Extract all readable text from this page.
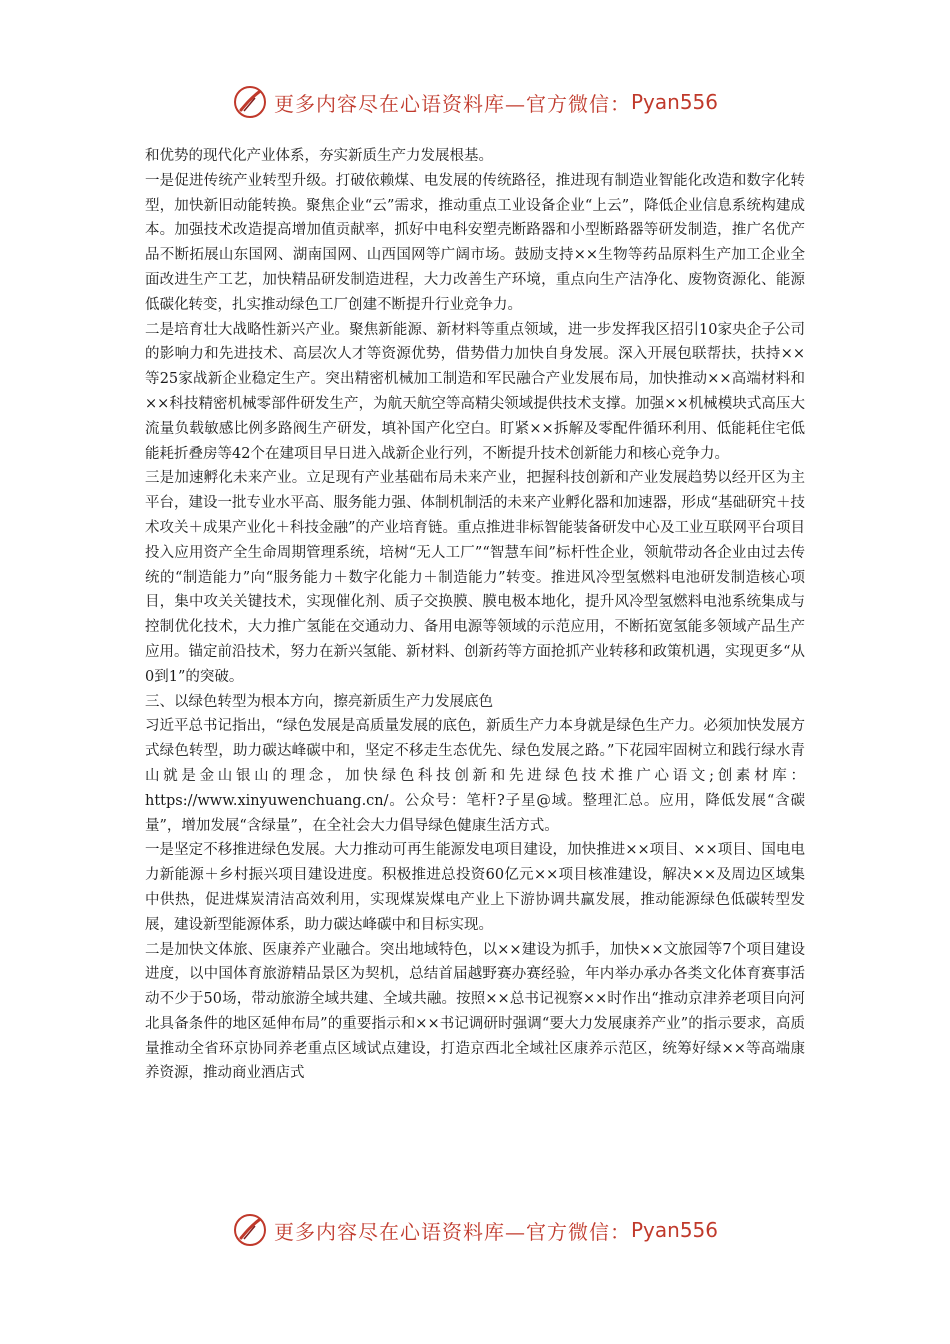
更多内容尽在心语资料库—官方微信： Pyan556

和优势的现代化产业体系，夯实新质生产力发展根基。

一是促进传统产业转型升级。打破依赖煤、电发展的传统路径，推进现有制造业智能化改造和数字化转型，加快新旧动能转换。聚焦企业“云”需求，推动重点工业设备企业“上云”，降低企业信息系统构建成本。加强技术改造提高增加值贡献率，抓好中电科安塑壳断路器和小型断路器等研发制造，推广名优产品不断拓展山东国网、湖南国网、山西国网等广阔市场。鼓励支持××生物等药品原料生产加工企业全面改进生产工艺，加快精品研发制造进程，大力改善生产环境，重点向生产洁净化、废物资源化、能源低碳化转变，扎实推动绿色工厂创建不断提升行业竞争力。

二是培育壮大战略性新兴产业。聚焦新能源、新材料等重点领域，进一步发挥我区招引10家央企子公司的影响力和先进技术、高层次人才等资源优势，借势借力加快自身发展。深入开展包联帮扶，扶持××等25家战新企业稳定生产。突出精密机械加工制造和军民融合产业发展布局，加快推动××高端材料和××科技精密机械零部件研发生产，为航天航空等高精尖领域提供技术支撑。加强××机械模块式高压大流量负载敏感比例多路阀生产研发，填补国产化空白。盯紧××拆解及零配件循环利用、低能耗住宅低能耗折叠房等42个在建项目早日进入战新企业行列，不断提升技术创新能力和核心竞争力。

三是加速孵化未来产业。立足现有产业基础布局未来产业，把握科技创新和产业发展趋势以经开区为主平台，建设一批专业水平高、服务能力强、体制机制活的未来产业孵化器和加速器，形成“基础研究＋技术攻关＋成果产业化＋科技金融”的产业培育链。重点推进非标智能装备研发中心及工业互联网平台项目投入应用资产全生命周期管理系统，培树“无人工厂”“智慧车间”标杆性企业，领航带动各企业由过去传统的“制造能力”向“服务能力＋数字化能力＋制造能力”转变。推进风冷型氢燃料电池研发制造核心项目，集中攻关关键技术，实现催化剂、质子交换膜、膜电极本地化，提升风冷型氢燃料电池系统集成与控制优化技术，大力推广氢能在交通动力、备用电源等领域的示范应用，不断拓宽氢能多领域产品生产应用。锚定前沿技术，努力在新兴氢能、新材料、创新药等方面抢抓产业转移和政策机遇，实现更多“从0到1”的突破。

三、以绿色转型为根本方向，擦亮新质生产力发展底色

习近平总书记指出，“绿色发展是高质量发展的底色，新质生产力本身就是绿色生产力。必须加快发展方式绿色转型，助力碳达峰碳中和，坚定不移走生态优先、绿色发展之路。”下花园牢固树立和践行绿水青山就是金山银山的理念，加快绿色科技创新和先进绿色技术推广心语文;创素材库：https://www.xinyuwenchuang.cn/。公众号：笔杆?子星@域。整理汇总。应用，降低发展“含碳量”，增加发展“含绿量”，在全社会大力倡导绿色健康生活方式。

一是坚定不移推进绿色发展。大力推动可再生能源发电项目建设，加快推进××项目、××项目、国电电力新能源＋乡村振兴项目建设进度。积极推进总投资60亿元××项目核准建设，解决××及周边区域集中供热，促进煤炭清洁高效利用，实现煤炭煤电产业上下游协调共赢发展，推动能源绿色低碳转型发展，建设新型能源体系，助力碳达峰碳中和目标实现。

二是加快文体旅、医康养产业融合。突出地域特色，以××建设为抓手，加快××文旅园等7个项目建设进度，以中国体育旅游精品景区为契机，总结首届越野赛办赛经验，年内举办承办各类文化体育赛事活动不少于50场，带动旅游全域共建、全域共融。按照××总书记视察××时作出“推动京津养老项目向河北具备条件的地区延伸布局”的重要指示和××书记调研时强调“要大力发展康养产业”的指示要求，高质量推动全省环京协同养老重点区域试点建设，打造京西北全域社区康养示范区，统筹好绿××等高端康养资源，推动商业酒店式

更多内容尽在心语资料库—官方微信： Pyan556
